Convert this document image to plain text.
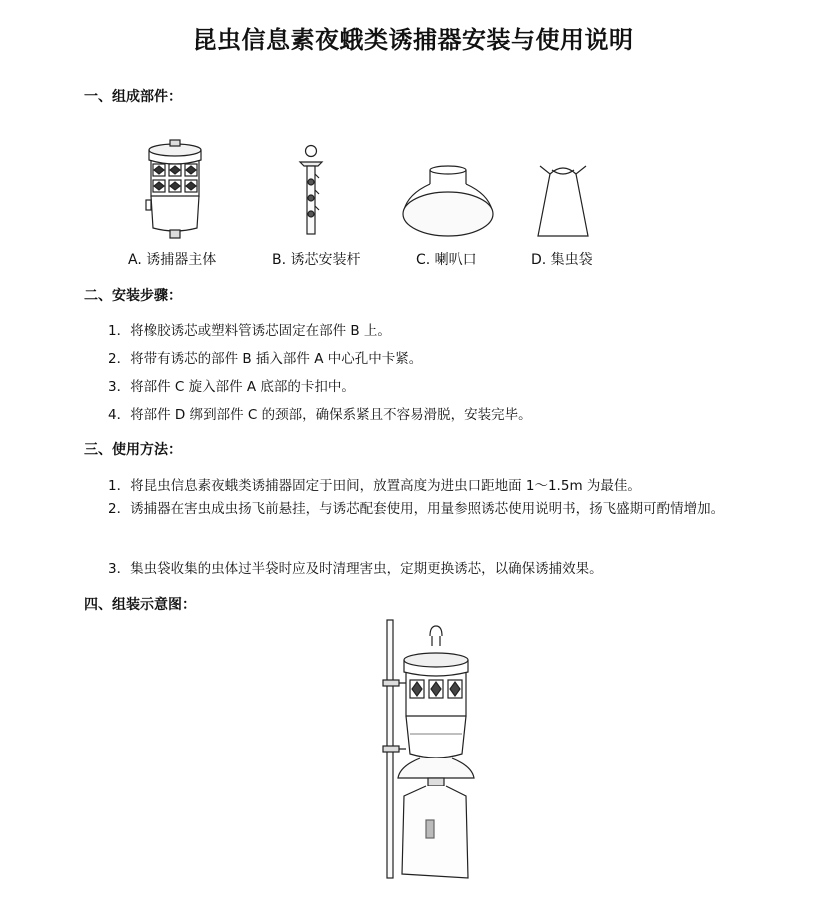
昆虫信息素夜蛾类诱捕器安装与使用说明
一、组成部件：
A. 诱捕器主体	B. 诱芯安装杆	C. 喇叭口	D. 集虫袋
二、安装步骤：
1．将橡胶诱芯或塑料管诱芯固定在部件 B 上。
2．将带有诱芯的部件 B 插入部件 A 中心孔中卡紧。
3．将部件 C 旋入部件 A 底部的卡扣中。
4．将部件 D 绑到部件 C 的颈部，确保系紧且不容易滑脱，安装完毕。
三、使用方法：
1．将昆虫信息素夜蛾类诱捕器固定于田间，放置高度为进虫口距地面 1～1.5m 为最佳。
2．诱捕器在害虫成虫扬飞前悬挂，与诱芯配套使用，用量参照诱芯使用说明书，扬飞盛期可酌情增加。
3．集虫袋收集的虫体过半袋时应及时清理害虫，定期更换诱芯，以确保诱捕效果。
四、组装示意图：
